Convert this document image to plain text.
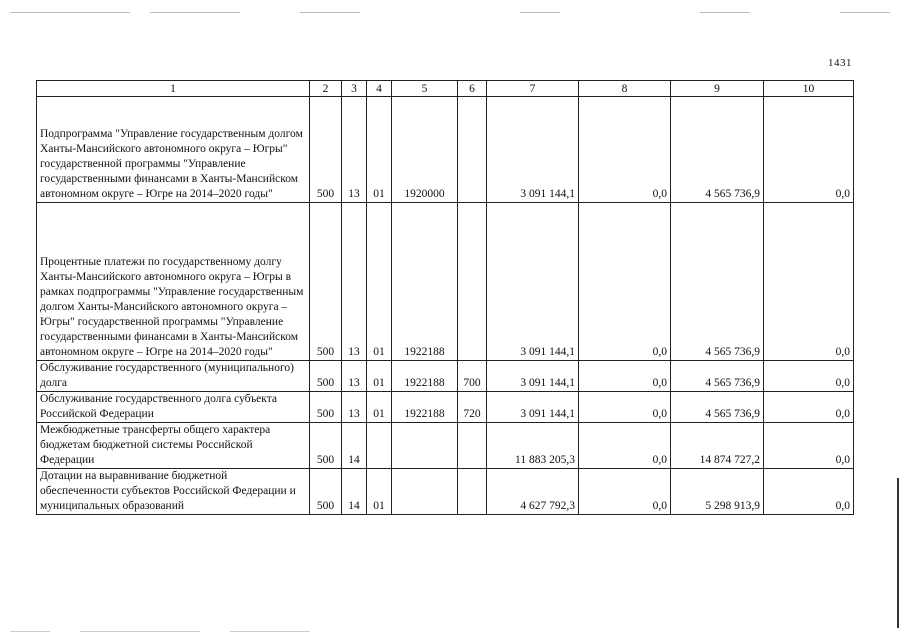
1431
1	2	3	4	5	6	7	8	9	10
Подпрограмма "Управление государственным долгом Ханты-Мансийского автономного округа – Югры" государственной программы "Управление государственными финансами в Ханты-Мансийском автономном округе – Югре на 2014–2020 годы"	500	13	01	1920000		3 091 144,1	0,0	4 565 736,9	0,0
Процентные платежи по государственному долгу Ханты-Мансийского автономного округа – Югры в рамках подпрограммы "Управление государственным долгом Ханты-Мансийского автономного округа – Югры" государственной программы "Управление государственными финансами в Ханты-Мансийском автономном округе – Югре на 2014–2020 годы"	500	13	01	1922188		3 091 144,1	0,0	4 565 736,9	0,0
Обслуживание государственного (муниципального) долга	500	13	01	1922188	700	3 091 144,1	0,0	4 565 736,9	0,0
Обслуживание государственного долга субъекта Российской Федерации	500	13	01	1922188	720	3 091 144,1	0,0	4 565 736,9	0,0
Межбюджетные трансферты общего характера бюджетам бюджетной системы Российской Федерации	500	14				11 883 205,3	0,0	14 874 727,2	0,0
Дотации на выравнивание бюджетной обеспеченности субъектов Российской Федерации и муниципальных образований	500	14	01			4 627 792,3	0,0	5 298 913,9	0,0
